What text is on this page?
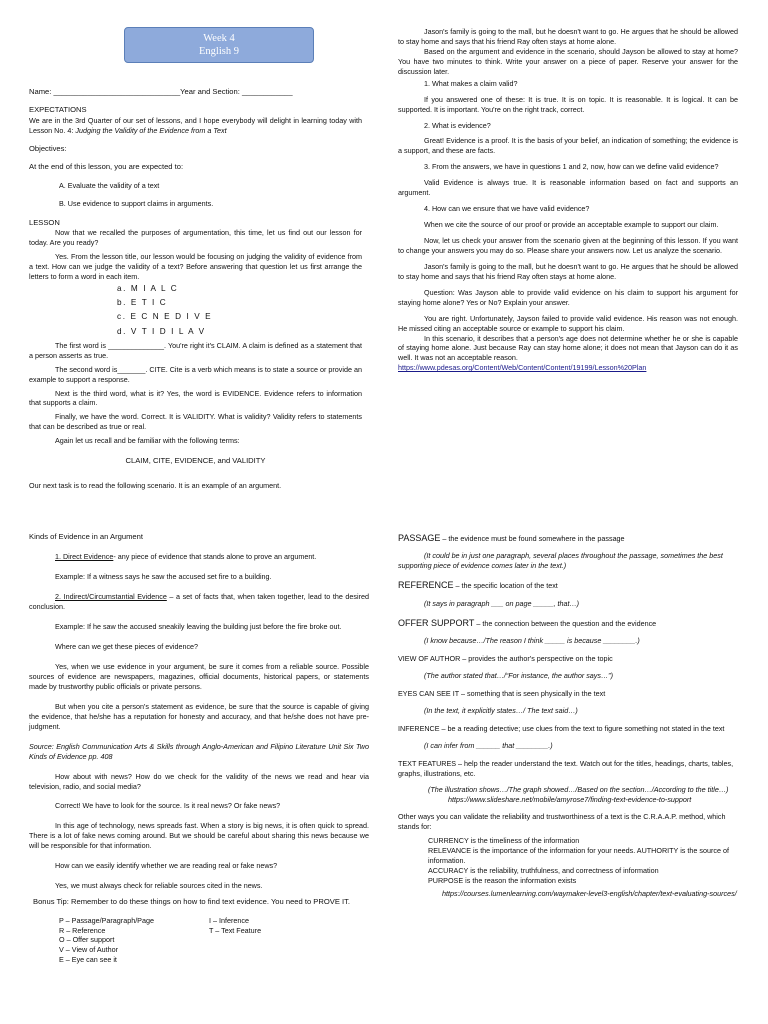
Week 4
English 9

Name: ______________________________Year and Section: ____________

EXPECTATIONS

We are in the 3rd Quarter of our set of lessons, and I hope everybody will delight in learning today with Lesson No. 4: Judging the Validity of the Evidence from a Text

Objectives:

At the end of this lesson, you are expected to:

A. Evaluate the validity of a text

B. Use evidence to support claims in arguments.

LESSON

Now that we recalled the purposes of argumentation, this time, let us find out our lesson for today. Are you ready?

Yes. From the lesson title, our lesson would be focusing on judging the validity of evidence from a text. How can we judge the validity of a text? Before answering that question let us first arrange the letters to form a word in each item.

a. M I A L C

b. E T I C

c. E C N E D I V E

d. V T I D I L A V

The first word is ______________. You're right it's CLAIM. A claim is defined as a statement that a person asserts as true.

The second word is_______. CITE. Cite is a verb which means is to state a source or provide an example to support a response.

Next is the third word, what is it? Yes, the word is EVIDENCE. Evidence refers to information that supports a claim.

Finally, we have the word. Correct. It is VALIDITY. What is validity? Validity refers to statements that can be described as true or real.

Again let us recall and be familiar with the following terms:

CLAIM, CITE, EVIDENCE, and VALIDITY

Our next task is to read the following scenario. It is an example of an argument.

Jason's family is going to the mall, but he doesn't want to go. He argues that he should be allowed to stay home and says that his friend Ray often stays at home alone.

Based on the argument and evidence in the scenario, should Jayson be allowed to stay at home? You have two minutes to think. Write your answer on a piece of paper. Reserve your answer for the discussion later.

1. What makes a claim valid?

If you answered one of these: It is true. It is on topic. It is reasonable. It is logical. It can be supported. It is important. You're on the right track, correct.

2. What is evidence?

Great! Evidence is a proof. It is the basis of your belief, an indication of something; the evidence is a support, and these are facts.

3. From the answers, we have in questions 1 and 2, now, how can we define valid evidence?

Valid Evidence is always true. It is reasonable information based on fact and supports an argument.

4. How can we ensure that we have valid evidence?

When we cite the source of our proof or provide an acceptable example to support our claim.

Now, let us check your answer from the scenario given at the beginning of this lesson. If you want to change your answers you may do so. Please share your answers now. Let us analyze the scenario.

Jason's family is going to the mall, but he doesn't want to go. He argues that he should be allowed to stay home and says that his friend Ray often stays at home alone.

Question: Was Jayson able to provide valid evidence on his claim to support his argument for staying home alone? Yes or No? Explain your answer.

You are right. Unfortunately, Jayson failed to provide valid evidence. His reason was not enough. He missed citing an acceptable source or example to support his claim.

In this scenario, it describes that a person's age does not determine whether he or she is capable of staying home alone. Just because Ray can stay home alone; it does not mean that Jayson can do it as well. It was not an acceptable reason.

https://www.pdesas.org/Content/Web/Content/Content/19199/Lesson%20Plan

Kinds of Evidence in an Argument

1. Direct Evidence- any piece of evidence that stands alone to prove an argument.

Example: If a witness says he saw the accused set fire to a building.

2. Indirect/Circumstantial Evidence – a set of facts that, when taken together, lead to the desired conclusion.

Example: If he saw the accused sneakily leaving the building just before the fire broke out.

Where can we get these pieces of evidence?

Yes, when we use evidence in your argument, be sure it comes from a reliable source. Possible sources of evidence are newspapers, magazines, official documents, historical papers, or statements made by trustworthy public officials or private persons.

But when you cite a person's statement as evidence, be sure that the source is capable of giving the evidence, that he/she has a reputation for honesty and accuracy, and that he/she does not have pre-judgment.

Source: English Communication Arts & Skills through Anglo-American and Filipino Literature Unit Six Two Kinds of Evidence pp. 408

How about with news? How do we check for the validity of the news we read and hear via television, radio, and social media?

Correct! We have to look for the source. Is it real news? Or fake news?

In this age of technology, news spreads fast. When a story is big news, it is often quick to spread. There is a lot of fake news coming around. But we should be careful about sharing this news because we will be responsible for that information.

How can we easily identify whether we are reading real or fake news?

Yes, we must always check for reliable sources cited in the news.

Bonus Tip: Remember to do these things on how to find text evidence. You need to PROVE IT.

P – Passage/Paragraph/Page
R – Reference
O – Offer support
V – View of Author
E – Eye can see it
I – Inference
T – Text Feature

PASSAGE – the evidence must be found somewhere in the passage

(It could be in just one paragraph, several places throughout the passage, sometimes the best supporting piece of evidence comes later in the text.)

REFERENCE – the specific location of the text

(It says in paragraph ___ on page _____, that…)

OFFER SUPPORT – the connection between the question and the evidence

(I know because…/The reason I think _____ is because ________.)

VIEW OF AUTHOR – provides the author's perspective on the topic

(The author stated that…/“For instance, the author says…”)

EYES CAN SEE IT – something that is seen physically in the text

(In the text, it explicitly states…/ The text said…)

INFERENCE – be a reading detective; use clues from the text to figure something not stated in the text

(I can infer from ______ that ________.)

TEXT FEATURES – help the reader understand the text. Watch out for the titles, headings, charts, tables, graphs, illustrations, etc.

(The illustration shows…/The graph showed…/Based on the section…/According to the title…)

https://www.slideshare.net/mobile/amyrose7/finding-text-evidence-to-support

Other ways you can validate the reliability and trustworthiness of a text is the C.R.A.A.P. method, which stands for:

CURRENCY is the timeliness of the information

RELEVANCE is the importance of the information for your needs. AUTHORITY is the source of information.

ACCURACY is the reliability, truthfulness, and correctness of information

PURPOSE is the reason the information exists

https://courses.lumenlearning.com/waymaker-level3-english/chapter/text-evaluating-sources/
